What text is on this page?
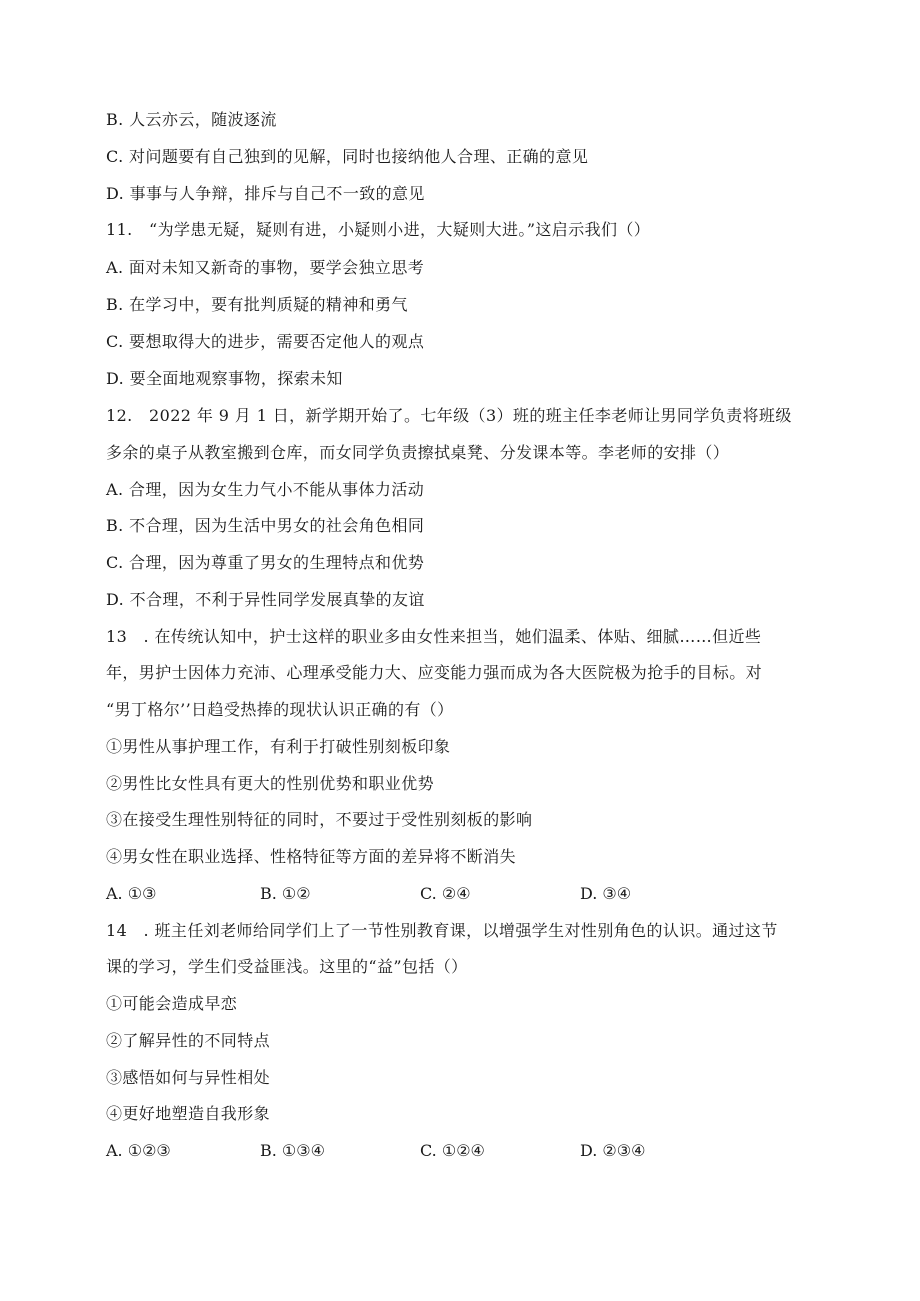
B. 人云亦云，随波逐流
C. 对问题要有自己独到的见解，同时也接纳他人合理、正确的意见
D. 事事与人争辩，排斥与自己不一致的意见
11.　“为学患无疑，疑则有进，小疑则小进，大疑则大进。”这启示我们（）
A. 面对未知又新奇的事物，要学会独立思考
B. 在学习中，要有批判质疑的精神和勇气
C. 要想取得大的进步，需要否定他人的观点
D. 要全面地观察事物，探索未知
12.　2022 年 9 月 1 日，新学期开始了。七年级（3）班的班主任李老师让男同学负责将班级
多余的桌子从教室搬到仓库，而女同学负责擦拭桌凳、分发课本等。李老师的安排（）
A. 合理，因为女生力气小不能从事体力活动
B. 不合理，因为生活中男女的社会角色相同
C. 合理，因为尊重了男女的生理特点和优势
D. 不合理，不利于异性同学发展真挚的友谊
13　. 在传统认知中，护士这样的职业多由女性来担当，她们温柔、体贴、细腻……但近些
年，男护士因体力充沛、心理承受能力大、应变能力强而成为各大医院极为抢手的目标。对
“男丁格尔’’日趋受热捧的现状认识正确的有（）
①男性从事护理工作，有利于打破性别刻板印象
②男性比女性具有更大的性别优势和职业优势
③在接受生理性别特征的同时，不要过于受性别刻板的影响
④男女性在职业选择、性格特征等方面的差异将不断消失
A. ①③	B. ①②	C. ②④	D. ③④
14　. 班主任刘老师给同学们上了一节性别教育课，以增强学生对性别角色的认识。通过这节
课的学习，学生们受益匪浅。这里的“益”包括（）
①可能会造成早恋
②了解异性的不同特点
③感悟如何与异性相处
④更好地塑造自我形象
A. ①②③	B. ①③④	C. ①②④	D. ②③④
